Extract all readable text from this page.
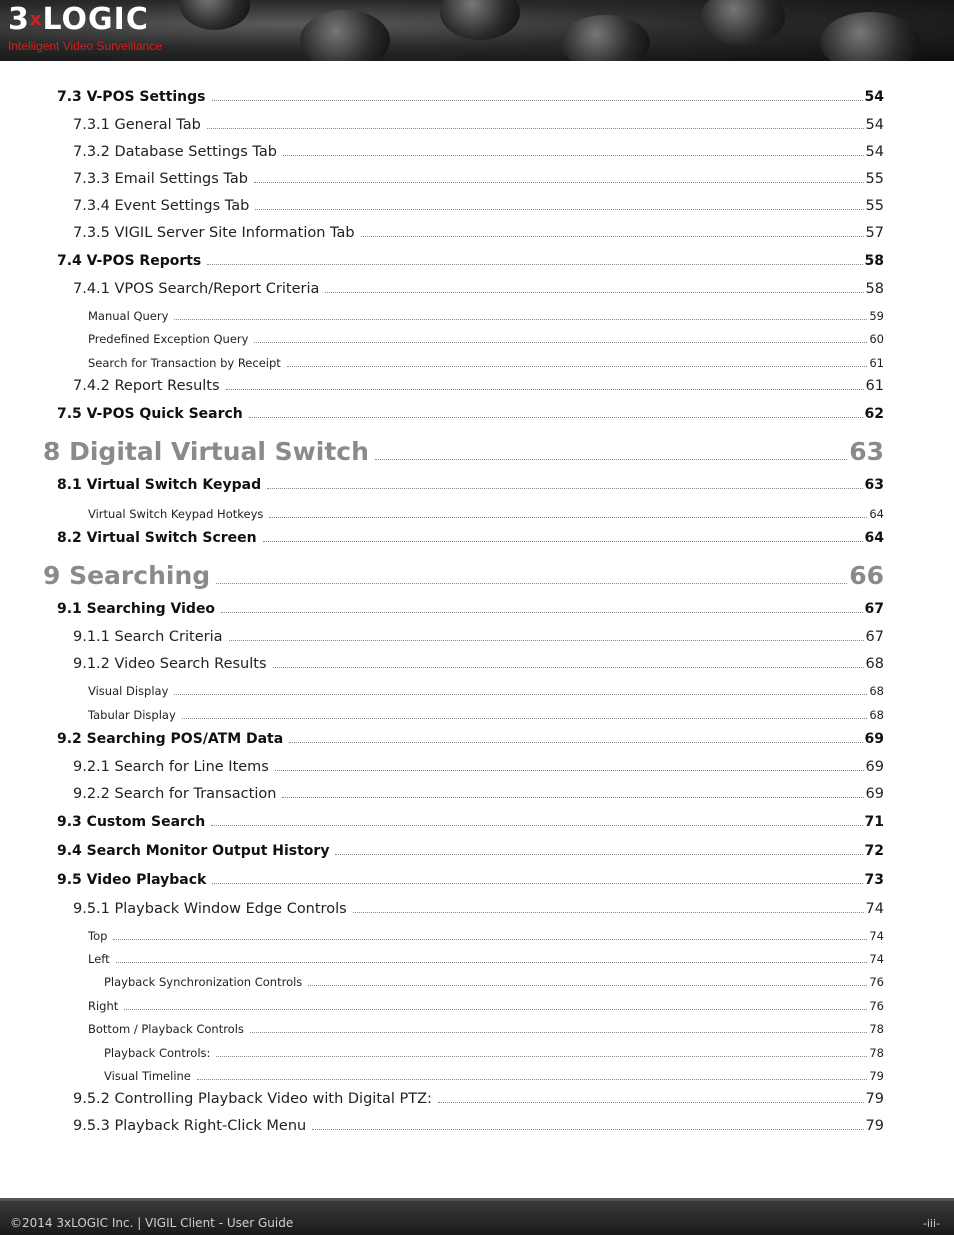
3xLOGIC
Intelligent Video Surveillance
7.3 V-POS Settings	54
7.3.1 General Tab	54
7.3.2 Database Settings Tab	54
7.3.3 Email Settings Tab	55
7.3.4 Event Settings Tab	55
7.3.5 VIGIL Server Site Information Tab	57
7.4 V-POS Reports	58
7.4.1 VPOS Search/Report Criteria	58
Manual Query	59
Predefined Exception Query	60
Search for Transaction by Receipt	61
7.4.2 Report Results	61
7.5 V-POS Quick Search	62
8 Digital Virtual Switch	63
8.1 Virtual Switch Keypad	63
Virtual Switch Keypad Hotkeys	64
8.2 Virtual Switch Screen	64
9 Searching	66
9.1 Searching Video	67
9.1.1 Search Criteria	67
9.1.2 Video Search Results	68
Visual Display	68
Tabular Display	68
9.2 Searching POS/ATM Data	69
9.2.1 Search for Line Items	69
9.2.2 Search for Transaction	69
9.3 Custom Search	71
9.4 Search Monitor Output History	72
9.5 Video Playback	73
9.5.1 Playback Window Edge Controls	74
Top	74
Left	74
Playback Synchronization Controls	76
Right	76
Bottom / Playback Controls	78
Playback Controls:	78
Visual Timeline	79
9.5.2 Controlling Playback Video with Digital PTZ:	79
9.5.3 Playback Right-Click Menu	79
©2014 3xLOGIC Inc. | VIGIL Client - User Guide	-iii-
